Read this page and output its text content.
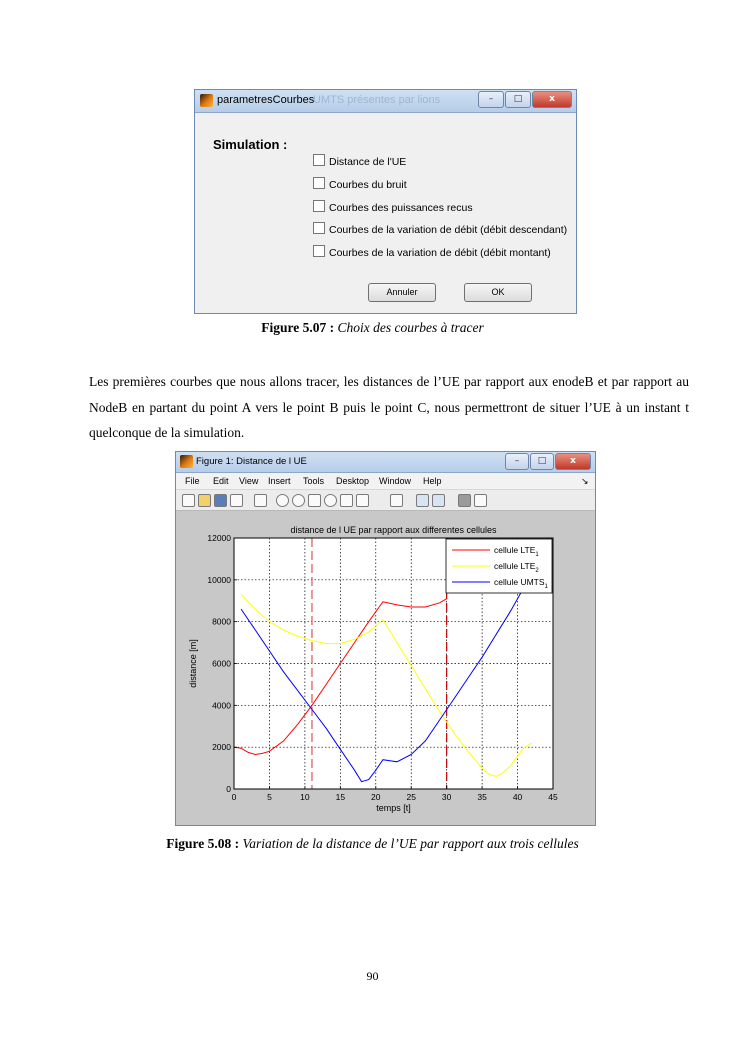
parametresCourbes
UMTS présentes par lions	– □	x
Simulation :
Distance de l'UE
Courbes du bruit
Courbes des puissances recus
Courbes de la variation de débit (débit descendant)
Courbes de la variation de débit (débit montant)
Annuler	OK
Figure 5.07 : Choix des courbes à tracer
Les premières courbes que nous allons tracer, les distances de l’UE par rapport aux enodeB et par rapport au NodeB en partant du point A vers le point B puis le point C, nous permettront de situer l’UE à un instant t quelconque de la simulation.
Figure 1: Distance de l UE	– □	x
File Edit View Insert Tools Desktop Window Help	↘
0	5	10	15	20	25	30	35	40	45
0
2000
4000
6000
8000
10000
12000
distance de l UE par rapport aux differentes cellules
temps [t]
distance [m]
cellule $LTE_1$
cellule $LTE_2$
cellule $UMTS_1$
Figure 5.08 : Variation de la distance de l’UE par rapport aux trois cellules
90
